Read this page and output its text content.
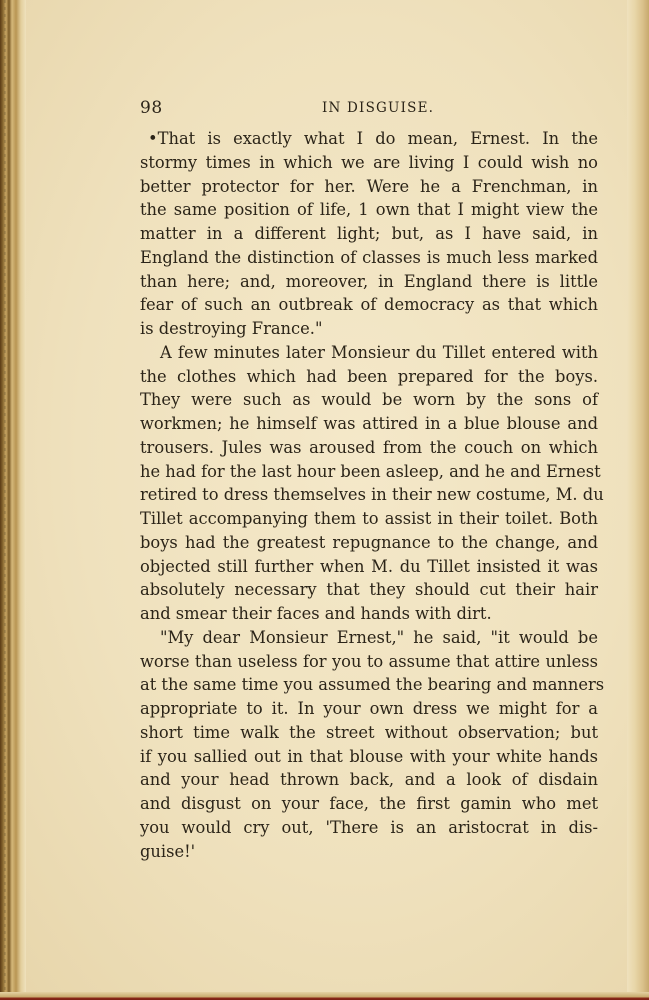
98	IN DISGUISE.
•That is exactly what I do mean, Ernest. In the
stormy times in which we are living I could wish no
better protector for her. Were he a Frenchman, in
the same position of life, 1 own that I might view the
matter in a different light; but, as I have said, in
England the distinction of classes is much less marked
than here; and, moreover, in England there is little
fear of such an outbreak of democracy as that which
is destroying France."
A few minutes later Monsieur du Tillet entered with
the clothes which had been prepared for the boys.
They were such as would be worn by the sons of
workmen; he himself was attired in a blue blouse and
trousers. Jules was aroused from the couch on which
he had for the last hour been asleep, and he and Ernest
retired to dress themselves in their new costume, M. du
Tillet accompanying them to assist in their toilet. Both
boys had the greatest repugnance to the change, and
objected still further when M. du Tillet insisted it was
absolutely necessary that they should cut their hair
and smear their faces and hands with dirt.
"My dear Monsieur Ernest," he said, "it would be
worse than useless for you to assume that attire unless
at the same time you assumed the bearing and manners
appropriate to it. In your own dress we might for a
short time walk the street without observation; but
if you sallied out in that blouse with your white hands
and your head thrown back, and a look of disdain
and disgust on your face, the first gamin who met
you would cry out, 'There is an aristocrat in dis-
guise!'
